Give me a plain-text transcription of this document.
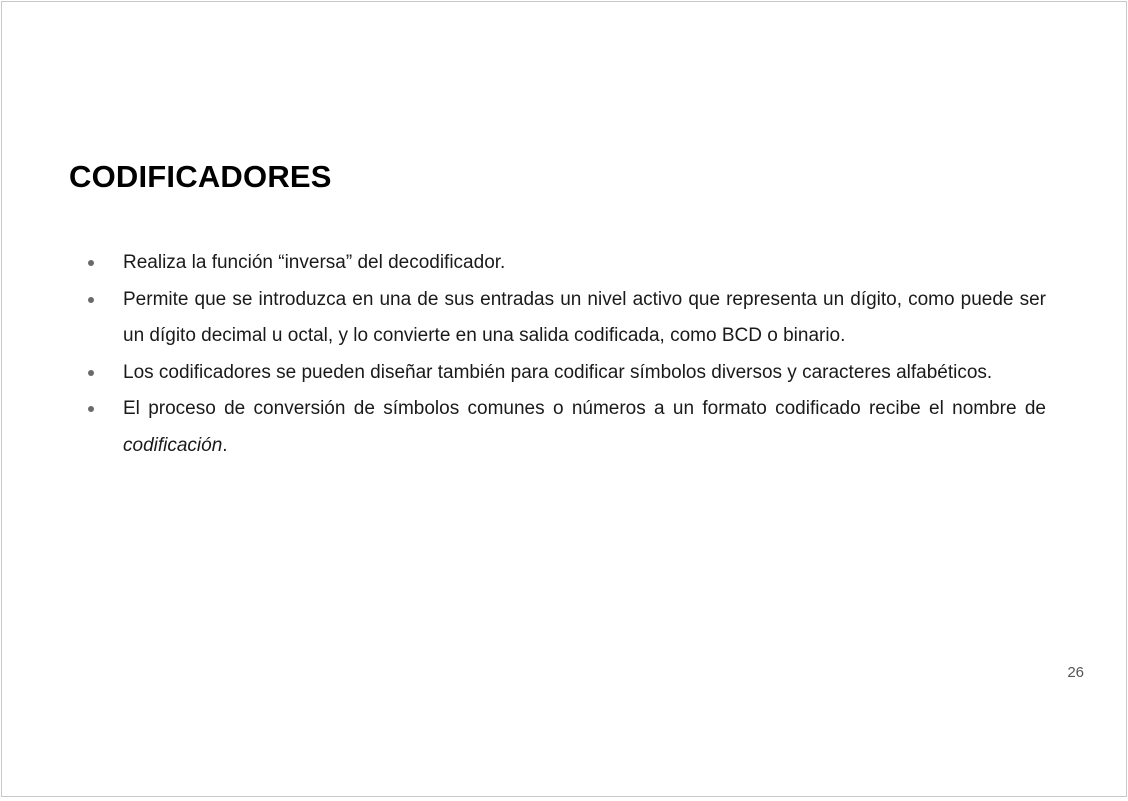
CODIFICADORES
Realiza la función “inversa” del decodificador.
Permite que se introduzca en una de sus entradas un nivel activo que representa un dígito, como puede ser un dígito decimal u octal, y lo convierte en una salida codificada, como BCD o binario.
Los codificadores se pueden diseñar también para codificar símbolos diversos y caracteres alfabéticos.
El proceso de conversión de símbolos comunes o números a un formato codificado recibe el nombre de codificación.
26
